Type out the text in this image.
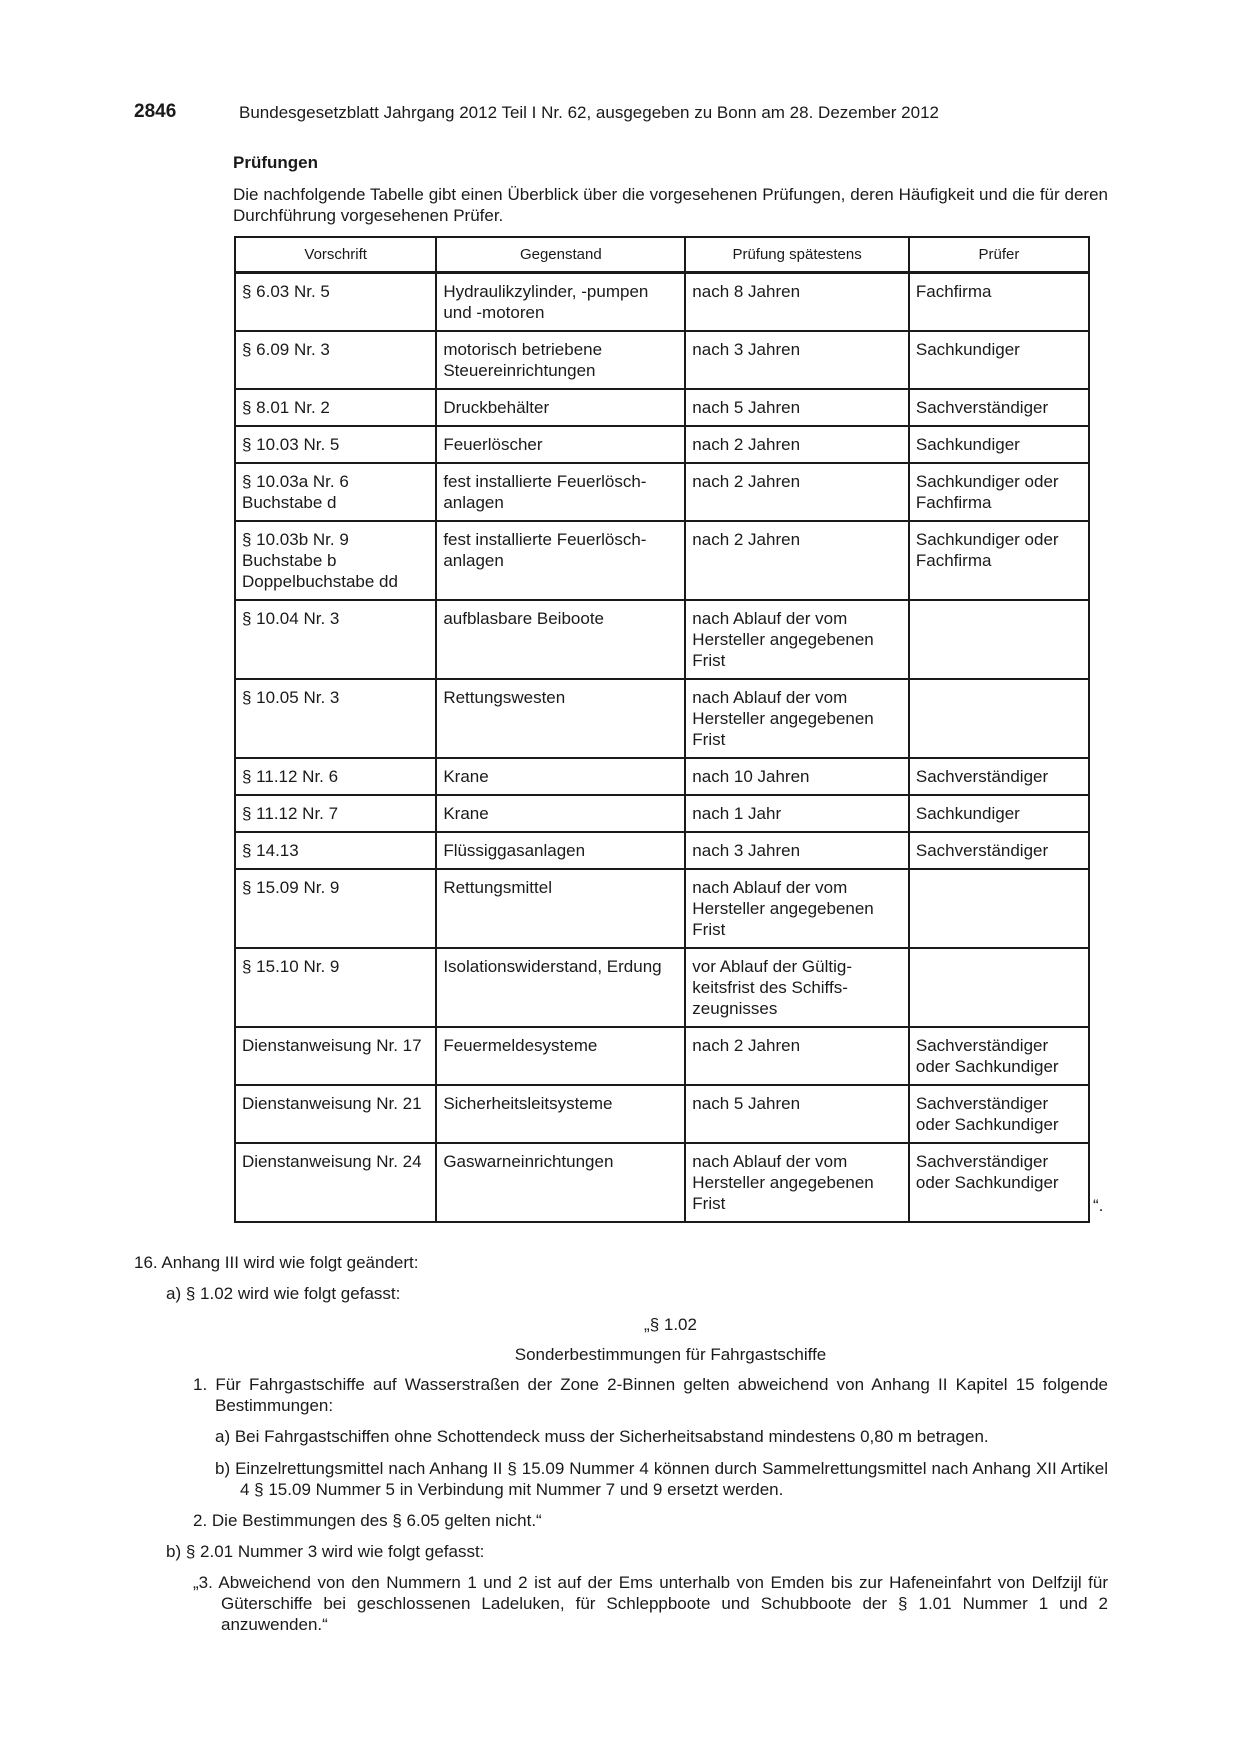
2846	Bundesgesetzblatt Jahrgang 2012 Teil I Nr. 62, ausgegeben zu Bonn am 28. Dezember 2012
Prüfungen
Die nachfolgende Tabelle gibt einen Überblick über die vorgesehenen Prüfungen, deren Häufigkeit und die für deren Durchführung vorgesehenen Prüfer.
Vorschrift	Gegenstand	Prüfung spätestens	Prüfer
§ 6.03 Nr. 5	Hydraulikzylinder, -pumpen und -motoren	nach 8 Jahren	Fachfirma
§ 6.09 Nr. 3	motorisch betriebene Steuereinrichtungen	nach 3 Jahren	Sachkundiger
§ 8.01 Nr. 2	Druckbehälter	nach 5 Jahren	Sachverständiger
§ 10.03 Nr. 5	Feuerlöscher	nach 2 Jahren	Sachkundiger
§ 10.03a Nr. 6 Buchstabe d	fest installierte Feuerlösch-anlagen	nach 2 Jahren	Sachkundiger oder Fachfirma
§ 10.03b Nr. 9 Buchstabe b Doppelbuchstabe dd	fest installierte Feuerlösch-anlagen	nach 2 Jahren	Sachkundiger oder Fachfirma
§ 10.04 Nr. 3	aufblasbare Beiboote	nach Ablauf der vom Hersteller angegebenen Frist	
§ 10.05 Nr. 3	Rettungswesten	nach Ablauf der vom Hersteller angegebenen Frist	
§ 11.12 Nr. 6	Krane	nach 10 Jahren	Sachverständiger
§ 11.12 Nr. 7	Krane	nach 1 Jahr	Sachkundiger
§ 14.13	Flüssiggasanlagen	nach 3 Jahren	Sachverständiger
§ 15.09 Nr. 9	Rettungsmittel	nach Ablauf der vom Hersteller angegebenen Frist	
§ 15.10 Nr. 9	Isolationswiderstand, Erdung	vor Ablauf der Gültig-keitsfrist des Schiffs-zeugnisses	
Dienstanweisung Nr. 17	Feuermeldesysteme	nach 2 Jahren	Sachverständiger oder Sachkundiger
Dienstanweisung Nr. 21	Sicherheitsleitsysteme	nach 5 Jahren	Sachverständiger oder Sachkundiger
Dienstanweisung Nr. 24	Gaswarneinrichtungen	nach Ablauf der vom Hersteller angegebenen Frist	Sachverständiger oder Sachkundiger
“.
16. Anhang III wird wie folgt geändert:
a) § 1.02 wird wie folgt gefasst:
„§ 1.02
Sonderbestimmungen für Fahrgastschiffe
1. Für Fahrgastschiffe auf Wasserstraßen der Zone 2-Binnen gelten abweichend von Anhang II Kapitel 15 folgende Bestimmungen:
a) Bei Fahrgastschiffen ohne Schottendeck muss der Sicherheitsabstand mindestens 0,80 m betragen.
b) Einzelrettungsmittel nach Anhang II § 15.09 Nummer 4 können durch Sammelrettungsmittel nach Anhang XII Artikel 4 § 15.09 Nummer 5 in Verbindung mit Nummer 7 und 9 ersetzt werden.
2. Die Bestimmungen des § 6.05 gelten nicht.“
b) § 2.01 Nummer 3 wird wie folgt gefasst:
„3. Abweichend von den Nummern 1 und 2 ist auf der Ems unterhalb von Emden bis zur Hafeneinfahrt von Delfzijl für Güterschiffe bei geschlossenen Ladeluken, für Schleppboote und Schubboote der § 1.01 Nummer 1 und 2 anzuwenden.“
